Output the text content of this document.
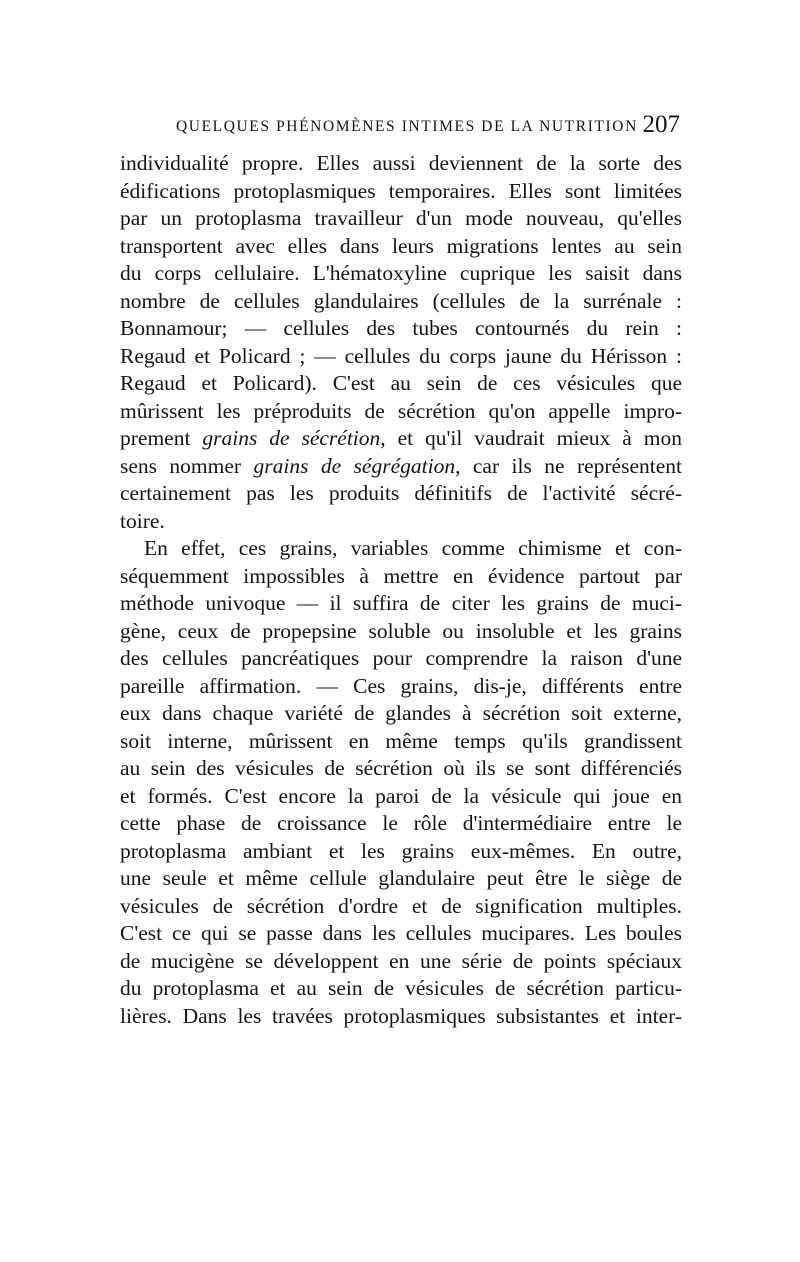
QUELQUES PHÉNOMÈNES INTIMES DE LA NUTRITION 207
individualité propre. Elles aussi deviennent de la sorte des
édifications protoplasmiques temporaires. Elles sont limitées
par un protoplasma travailleur d'un mode nouveau, qu'elles
transportent avec elles dans leurs migrations lentes au sein
du corps cellulaire. L'hématoxyline cuprique les saisit dans
nombre de cellules glandulaires (cellules de la surrénale :
Bonnamour; — cellules des tubes contournés du rein :
Regaud et Policard ; — cellules du corps jaune du Hérisson :
Regaud et Policard). C'est au sein de ces vésicules que
mûrissent les préproduits de sécrétion qu'on appelle impro-
prement grains de sécrétion, et qu'il vaudrait mieux à mon
sens nommer grains de ségrégation, car ils ne représentent
certainement pas les produits définitifs de l'activité sécré-
toire.
En effet, ces grains, variables comme chimisme et con-
séquemment impossibles à mettre en évidence partout par
méthode univoque — il suffira de citer les grains de muci-
gène, ceux de propepsine soluble ou insoluble et les grains
des cellules pancréatiques pour comprendre la raison d'une
pareille affirmation. — Ces grains, dis-je, différents entre
eux dans chaque variété de glandes à sécrétion soit externe,
soit interne, mûrissent en même temps qu'ils grandissent
au sein des vésicules de sécrétion où ils se sont différenciés
et formés. C'est encore la paroi de la vésicule qui joue en
cette phase de croissance le rôle d'intermédiaire entre le
protoplasma ambiant et les grains eux-mêmes. En outre,
une seule et même cellule glandulaire peut être le siège de
vésicules de sécrétion d'ordre et de signification multiples.
C'est ce qui se passe dans les cellules mucipares. Les boules
de mucigène se développent en une série de points spéciaux
du protoplasma et au sein de vésicules de sécrétion particu-
lières. Dans les travées protoplasmiques subsistantes et inter-
